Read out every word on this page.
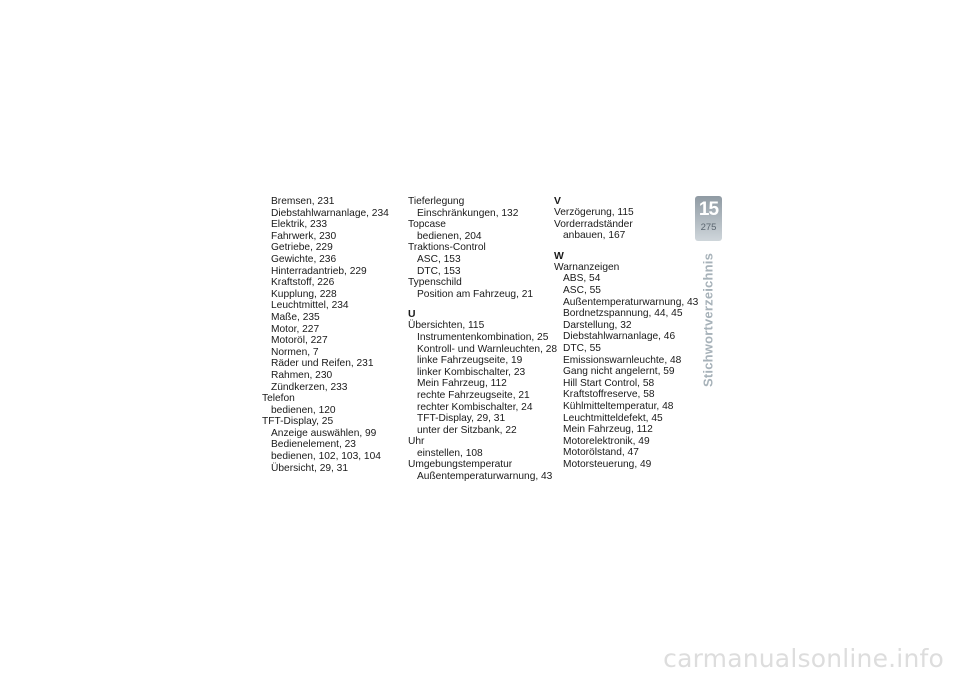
Bremsen, 231
Diebstahlwarnanlage, 234
Elektrik, 233
Fahrwerk, 230
Getriebe, 229
Gewichte, 236
Hinterradantrieb, 229
Kraftstoff, 226
Kupplung, 228
Leuchtmittel, 234
Maße, 235
Motor, 227
Motoröl, 227
Normen, 7
Räder und Reifen, 231
Rahmen, 230
Zündkerzen, 233
Telefon
bedienen, 120
TFT-Display, 25
Anzeige auswählen, 99
Bedienelement, 23
bedienen, 102, 103, 104
Übersicht, 29, 31
Tieferlegung
Einschränkungen, 132
Topcase
bedienen, 204
Traktions-Control
ASC, 153
DTC, 153
Typenschild
Position am Fahrzeug, 21
U
Übersichten, 115
Instrumentenkombination, 25
Kontroll- und Warnleuchten, 28
linke Fahrzeugseite, 19
linker Kombischalter, 23
Mein Fahrzeug, 112
rechte Fahrzeugseite, 21
rechter Kombischalter, 24
TFT-Display, 29, 31
unter der Sitzbank, 22
Uhr
einstellen, 108
Umgebungstemperatur
Außentemperaturwarnung, 43
V
Verzögerung, 115
Vorderradständer
anbauen, 167
W
Warnanzeigen
ABS, 54
ASC, 55
Außentemperaturwarnung, 43
Bordnetzspannung, 44, 45
Darstellung, 32
Diebstahlwarnanlage, 46
DTC, 55
Emissionswarnleuchte, 48
Gang nicht angelernt, 59
Hill Start Control, 58
Kraftstoffreserve, 58
Kühlmitteltemperatur, 48
Leuchtmitteldefekt, 45
Mein Fahrzeug, 112
Motorelektronik, 49
Motorölstand, 47
Motorsteuerung, 49
15
275
Stichwortverzeichnis
carmanualsonline.info
